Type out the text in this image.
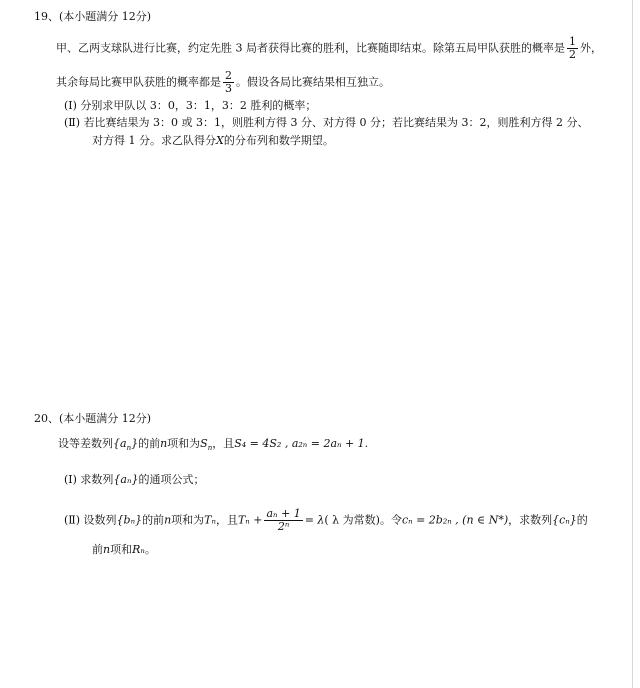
19、(本小题满分 12分)
甲、乙两支球队进行比赛，约定先胜 3 局者获得比赛的胜利，比赛随即结束。除第五局甲队获胜的概率是 $\frac{1}{2}$ 外，
其余每局比赛甲队获胜的概率都是 $\frac{2}{3}$ 。假设各局比赛结果相互独立。
(Ⅰ) 分别求甲队以 3：0，3：1，3：2 胜利的概率；
(Ⅱ) 若比赛结果为 3：0 或 3：1，则胜利方得 3 分、对方得 0 分；若比赛结果为 3：2，则胜利方得 2 分、
对方得 1 分。求乙队得分X的分布列和数学期望。
20、(本小题满分 12分)
设等差数列$\{a_n\}$的前n项和为$S_n$，且S₄ = 4S₂ , a₂ₙ = 2aₙ + 1.
(Ⅰ) 求数列{aₙ}的通项公式；
(Ⅱ) 设数列{bₙ}的前n项和为Tₙ，且$T_n + \frac{\text{aₙ + 1}}{\text{2ⁿ}} = \lambda$( λ 为常数)。令cₙ = 2b₂ₙ , (n ∈ N*)，求数列{cₙ}的
前n项和Rₙ。
